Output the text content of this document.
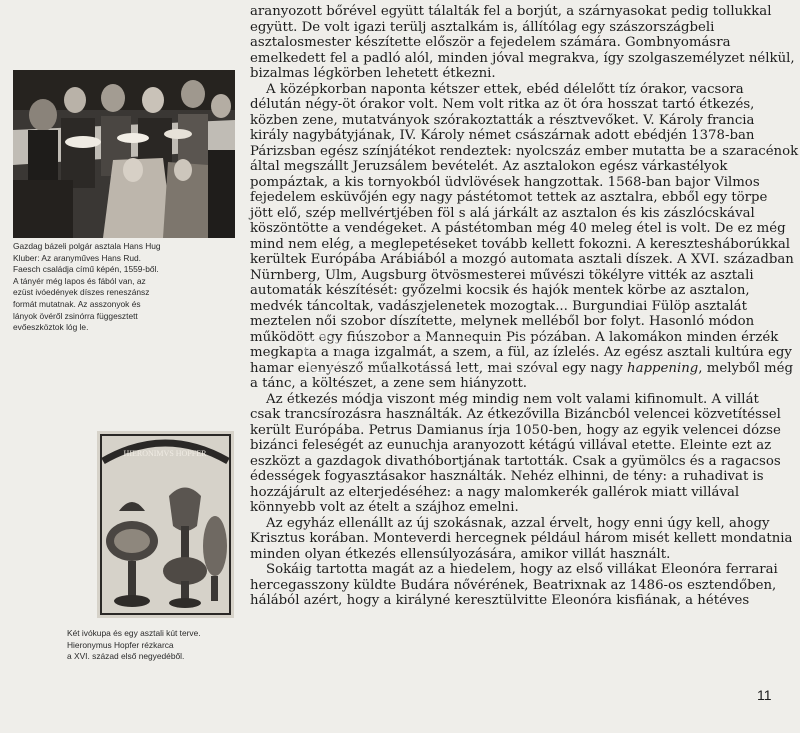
Gazdag bázeli polgár asztala Hans Hug
Kluber: Az aranyműves Hans Rud.
Faesch családja című képén, 1559-ből.
A tányér még lapos és fából van, az
ezüst ivóedények díszes reneszánsz
formát mutatnak. Az asszonyok és
lányok övéről zsinórra függesztett
evőeszköztok lóg le.
HIERONIMVS HOPFER
Két ivókupa és egy asztali kút terve.
Hieronymus Hopfer rézkarca
a XVI. század első negyedéből.

aranyozott bőrével együtt tálalták fel a borjút, a szárnyasokat pedig tollukkal
együtt. De volt igazi terülj asztalkám is, állítólag egy szászországbeli
asztalosmester készítette először a fejedelem számára. Gombnyomásra
emelkedett fel a padló alól, minden jóval megrakva, így szolgaszemélyzet nélkül,
bizalmas légkörben lehetett étkezni.

A középkorban naponta kétszer ettek, ebéd délelőtt tíz órakor, vacsora
délután négy-öt órakor volt. Nem volt ritka az öt óra hosszat tartó étkezés,
közben zene, mutatványok szórakoztatták a résztvevőket. V. Károly francia
király nagybátyjának, IV. Károly német császárnak adott ebédjén 1378-ban
Párizsban egész színjátékot rendeztek: nyolcszáz ember mutatta be a szaracénok
által megszállt Jeruzsálem bevételét. Az asztalokon egész várkastélyok
pompáztak, a kis tornyokból üdvlövések hangzottak. 1568-ban bajor Vilmos
fejedelem esküvőjén egy nagy pástétomot tettek az asztalra, ebből egy törpe
jött elő, szép mellvértjében föl s alá járkált az asztalon és kis zászlócskával
köszöntötte a vendégeket. A pástétomban még 40 meleg étel is volt. De ez még
mind nem elég, a meglepetéseket tovább kellett fokozni. A keresztesháborúkkal
kerültek Európába Arábiából a mozgó automata asztali díszek. A XVI. században
Nürnberg, Ulm, Augsburg ötvösmesterei művészi tökélyre vitték az asztali
automaták készítését: győzelmi kocsik és hajók mentek körbe az asztalon,
medvék táncoltak, vadászjelenetek mozogtak... Burgundiai Fülöp asztalát
meztelen női szobor díszítette, melynek melléből bor folyt. Hasonló módon
működött egy fiúszobor a Mannequin Pis pózában. A lakomákon minden érzék
megkapta a maga izgalmát, a szem, a fül, az ízlelés. Az egész asztali kultúra egy
hamar elenyésző műalkotássá lett, mai szóval egy nagy happening, melyből még
a tánc, a költészet, a zene sem hiányzott.

Az étkezés módja viszont még mindig nem volt valami kifinomult. A villát
csak trancsírozásra használták. Az étkezővilla Bizáncból velencei közvetítéssel
került Európába. Petrus Damianus írja 1050-ben, hogy az egyik velencei dózse
bizánci feleségét az eunuchja aranyozott kétágú villával etette. Eleinte ezt az
eszközt a gazdagok divathóbortjának tartották. Csak a gyümölcs és a ragacsos
édességek fogyasztásakor használták. Nehéz elhinni, de tény: a ruhadivat is
hozzájárult az elterjedéséhez: a nagy malomkerék gallérok miatt villával
könnyebb volt az ételt a szájhoz emelni.

Az egyház ellenállt az új szokásnak, azzal érvelt, hogy enni úgy kell, ahogy
Krisztus korában. Monteverdi hercegnek például három misét kellett mondatnia
minden olyan étkezés ellensúlyozására, amikor villát használt.

Sokáig tartotta magát az a hiedelem, hogy az első villákat Eleonóra ferrarai
hercegasszony küldte Budára nővérének, Beatrixnak az 1486-os esztendőben,
hálából azért, hogy a királyné keresztülvitte Eleonóra kisfiának, a hétéves

11
